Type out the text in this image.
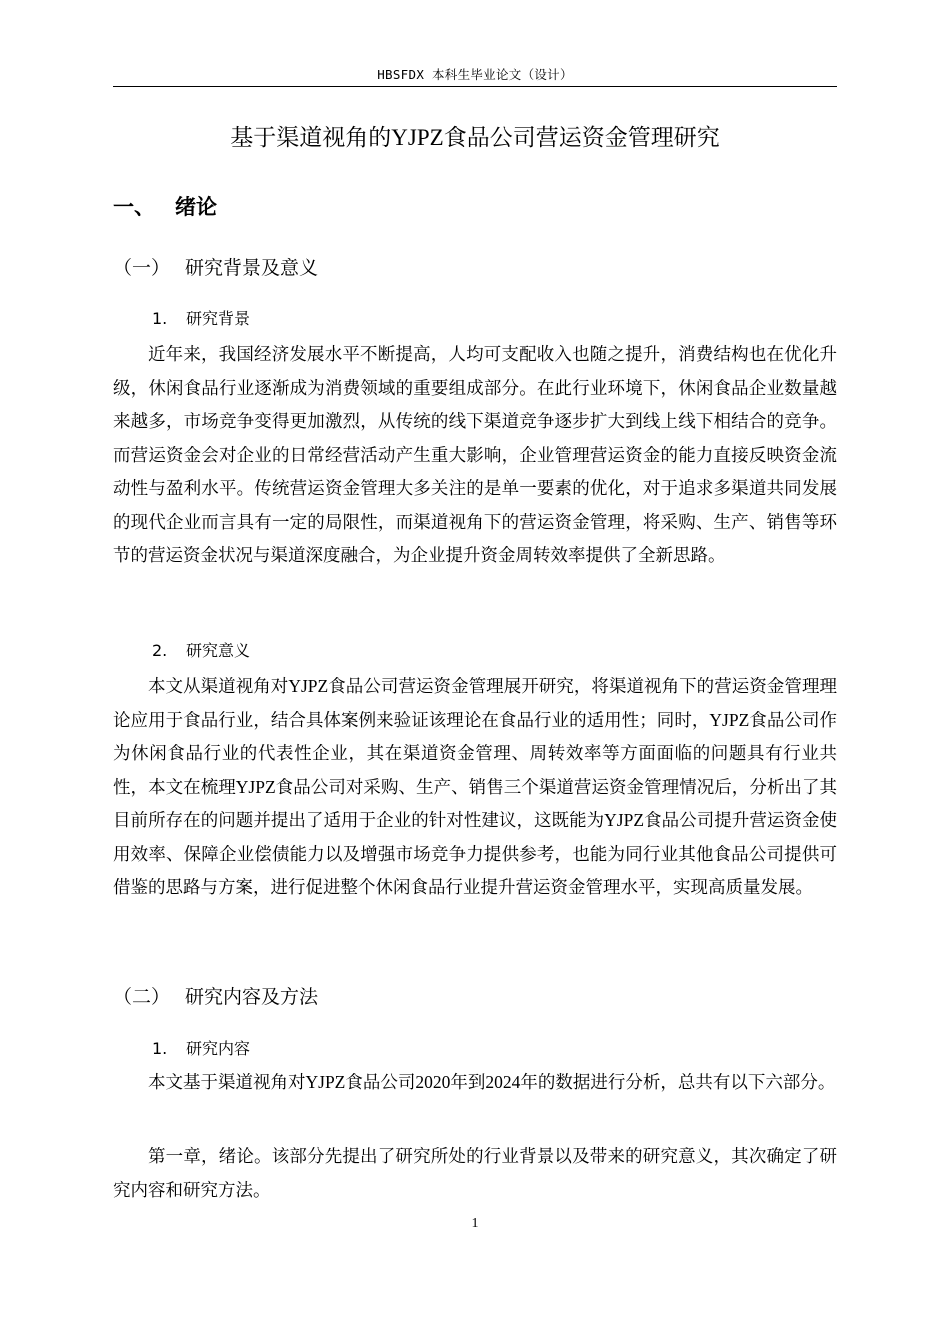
HBSFDX 本科生毕业论文（设计）
基于渠道视角的YJPZ食品公司营运资金管理研究
一、 绪论
（一） 研究背景及意义
1. 研究背景

近年来，我国经济发展水平不断提高，人均可支配收入也随之提升，消费结构也在优化升级，休闲食品行业逐渐成为消费领域的重要组成部分。在此行业环境下，休闲食品企业数量越来越多，市场竞争变得更加激烈，从传统的线下渠道竞争逐步扩大到线上线下相结合的竞争。而营运资金会对企业的日常经营活动产生重大影响，企业管理营运资金的能力直接反映资金流动性与盈利水平。传统营运资金管理大多关注的是单一要素的优化，对于追求多渠道共同发展的现代企业而言具有一定的局限性，而渠道视角下的营运资金管理，将采购、生产、销售等环节的营运资金状况与渠道深度融合，为企业提升资金周转效率提供了全新思路。

2. 研究意义

本文从渠道视角对YJPZ食品公司营运资金管理展开研究，将渠道视角下的营运资金管理理论应用于食品行业，结合具体案例来验证该理论在食品行业的适用性；同时，YJPZ食品公司作为休闲食品行业的代表性企业，其在渠道资金管理、周转效率等方面面临的问题具有行业共性，本文在梳理YJPZ食品公司对采购、生产、销售三个渠道营运资金管理情况后，分析出了其目前所存在的问题并提出了适用于企业的针对性建议，这既能为YJPZ食品公司提升营运资金使用效率、保障企业偿债能力以及增强市场竞争力提供参考，也能为同行业其他食品公司提供可借鉴的思路与方案，进行促进整个休闲食品行业提升营运资金管理水平，实现高质量发展。

（二） 研究内容及方法
1. 研究内容

本文基于渠道视角对YJPZ食品公司2020年到2024年的数据进行分析，总共有以下六部分。

第一章，绪论。该部分先提出了研究所处的行业背景以及带来的研究意义，其次确定了研究内容和研究方法。

1
